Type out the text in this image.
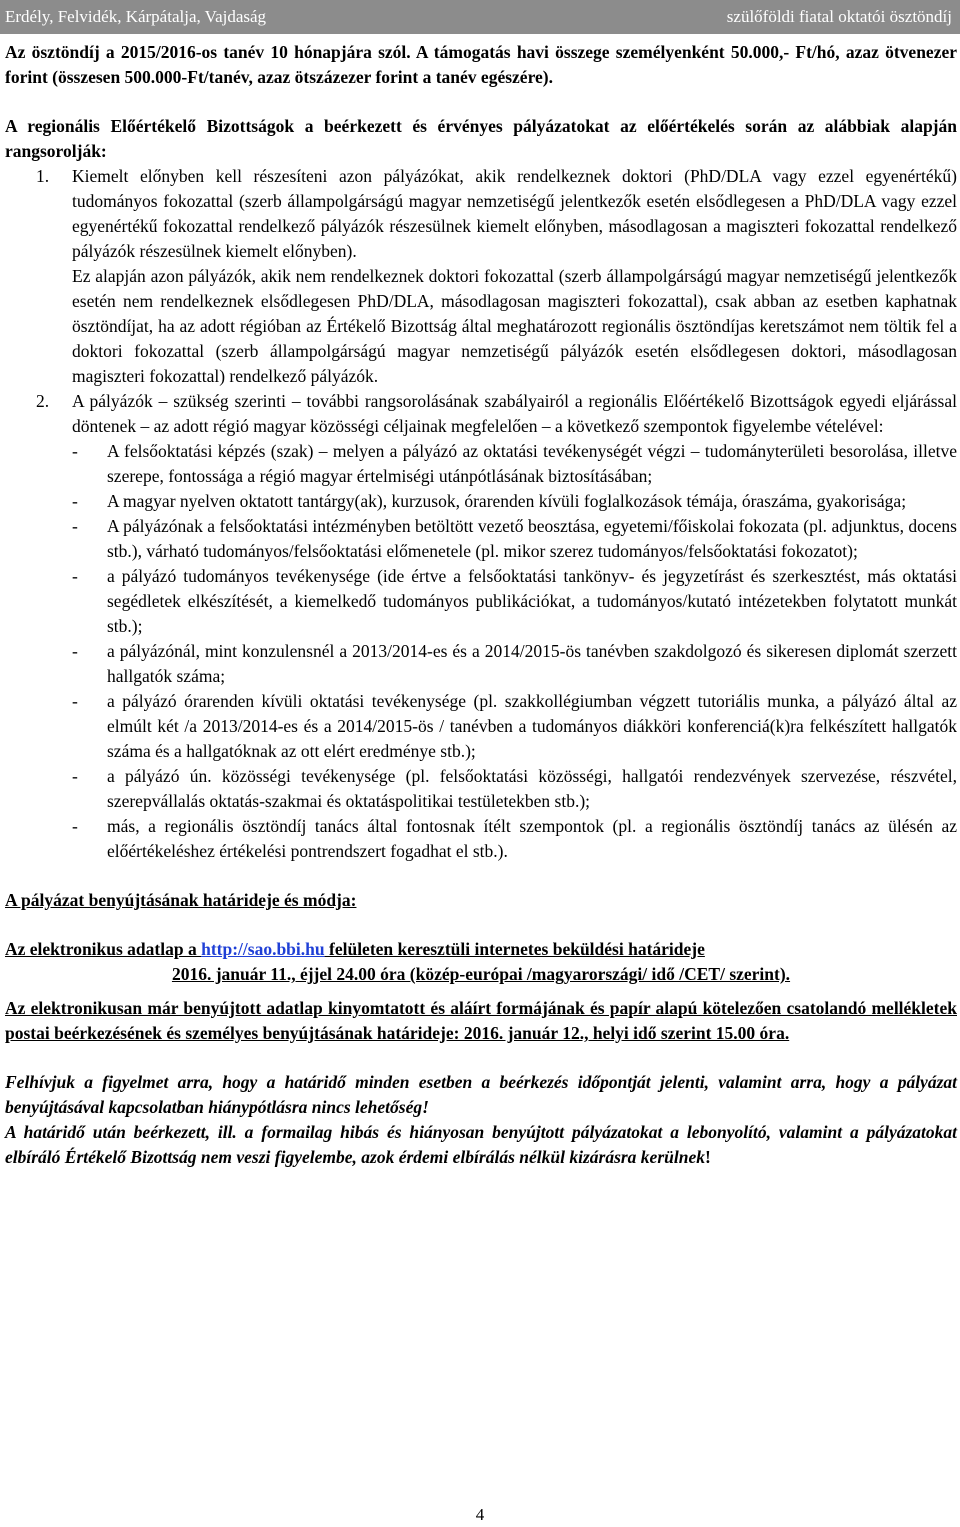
Erdély, Felvidék, Kárpátalja, Vajdaság	szülőföldi fiatal oktatói ösztöndíj

Az ösztöndíj a 2015/2016-os tanév 10 hónapjára szól. A támogatás havi összege személyenként 50.000,- Ft/hó, azaz ötvenezer forint (összesen 500.000-Ft/tanév, azaz ötszázezer forint a tanév egészére).

A regionális Előértékelő Bizottságok a beérkezett és érvényes pályázatokat az előértékelés során az alábbiak alapján rangsorolják:

1. Kiemelt előnyben kell részesíteni azon pályázókat, akik rendelkeznek doktori (PhD/DLA vagy ezzel egyenértékű) tudományos fokozattal (szerb állampolgárságú magyar nemzetiségű jelentkezők esetén elsődlegesen a PhD/DLA vagy ezzel egyenértékű fokozattal rendelkező pályázók részesülnek kiemelt előnyben, másodlagosan a magiszteri fokozattal rendelkező pályázók részesülnek kiemelt előnyben).
Ez alapján azon pályázók, akik nem rendelkeznek doktori fokozattal (szerb állampolgárságú magyar nemzetiségű jelentkezők esetén nem rendelkeznek elsődlegesen PhD/DLA, másodlagosan magiszteri fokozattal), csak abban az esetben kaphatnak ösztöndíjat, ha az adott régióban az Értékelő Bizottság által meghatározott regionális ösztöndíjas keretszámot nem töltik fel a doktori fokozattal (szerb állampolgárságú magyar nemzetiségű pályázók esetén elsődlegesen doktori, másodlagosan magiszteri fokozattal) rendelkező pályázók.
2. A pályázók – szükség szerinti – további rangsorolásának szabályairól a regionális Előértékelő Bizottságok egyedi eljárással döntenek – az adott régió magyar közösségi céljainak megfelelően – a következő szempontok figyelembe vételével:
- A felsőoktatási képzés (szak) – melyen a pályázó az oktatási tevékenységét végzi – tudományterületi besorolása, illetve szerepe, fontossága a régió magyar értelmiségi utánpótlásának biztosításában;
- A magyar nyelven oktatott tantárgy(ak), kurzusok, órarenden kívüli foglalkozások témája, óraszáma, gyakorisága;
- A pályázónak a felsőoktatási intézményben betöltött vezető beosztása, egyetemi/főiskolai fokozata (pl. adjunktus, docens stb.), várható tudományos/felsőoktatási előmenetele (pl. mikor szerez tudományos/felsőoktatási fokozatot);
- a pályázó tudományos tevékenysége (ide értve a felsőoktatási tankönyv- és jegyzetírást és szerkesztést, más oktatási segédletek elkészítését, a kiemelkedő tudományos publikációkat, a tudományos/kutató intézetekben folytatott munkát stb.);
- a pályázónál, mint konzulensnél a 2013/2014-es és a 2014/2015-ös tanévben szakdolgozó és sikeresen diplomát szerzett hallgatók száma;
- a pályázó órarenden kívüli oktatási tevékenysége (pl. szakkollégiumban végzett tutoriális munka, a pályázó által az elmúlt két /a 2013/2014-es és a 2014/2015-ös / tanévben a tudományos diákköri konferenciá(k)ra felkészített hallgatók száma és a hallgatóknak az ott elért eredménye stb.);
- a pályázó ún. közösségi tevékenysége (pl. felsőoktatási közösségi, hallgatói rendezvények szervezése, részvétel, szerepvállalás oktatás-szakmai és oktatáspolitikai testületekben stb.);
- más, a regionális ösztöndíj tanács által fontosnak ítélt szempontok (pl. a regionális ösztöndíj tanács az ülésén az előértékeléshez értékelési pontrendszert fogadhat el stb.).

A pályázat benyújtásának határideje és módja:

Az elektronikus adatlap a http://sao.bbi.hu felületen keresztüli internetes beküldési határideje

2016. január 11., éjjel 24.00 óra (közép-európai /magyarországi/ idő /CET/ szerint).

Az elektronikusan már benyújtott adatlap kinyomtatott és aláírt formájának és papír alapú kötelezően csatolandó mellékletek postai beérkezésének és személyes benyújtásának határideje: 2016. január 12., helyi idő szerint 15.00 óra.

Felhívjuk a figyelmet arra, hogy a határidő minden esetben a beérkezés időpontját jelenti, valamint arra, hogy a pályázat benyújtásával kapcsolatban hiánypótlásra nincs lehetőség!

A határidő után beérkezett, ill. a formailag hibás és hiányosan benyújtott pályázatokat a lebonyolító, valamint a pályázatokat elbíráló Értékelő Bizottság nem veszi figyelembe, azok érdemi elbírálás nélkül kizárásra kerülnek!

4
